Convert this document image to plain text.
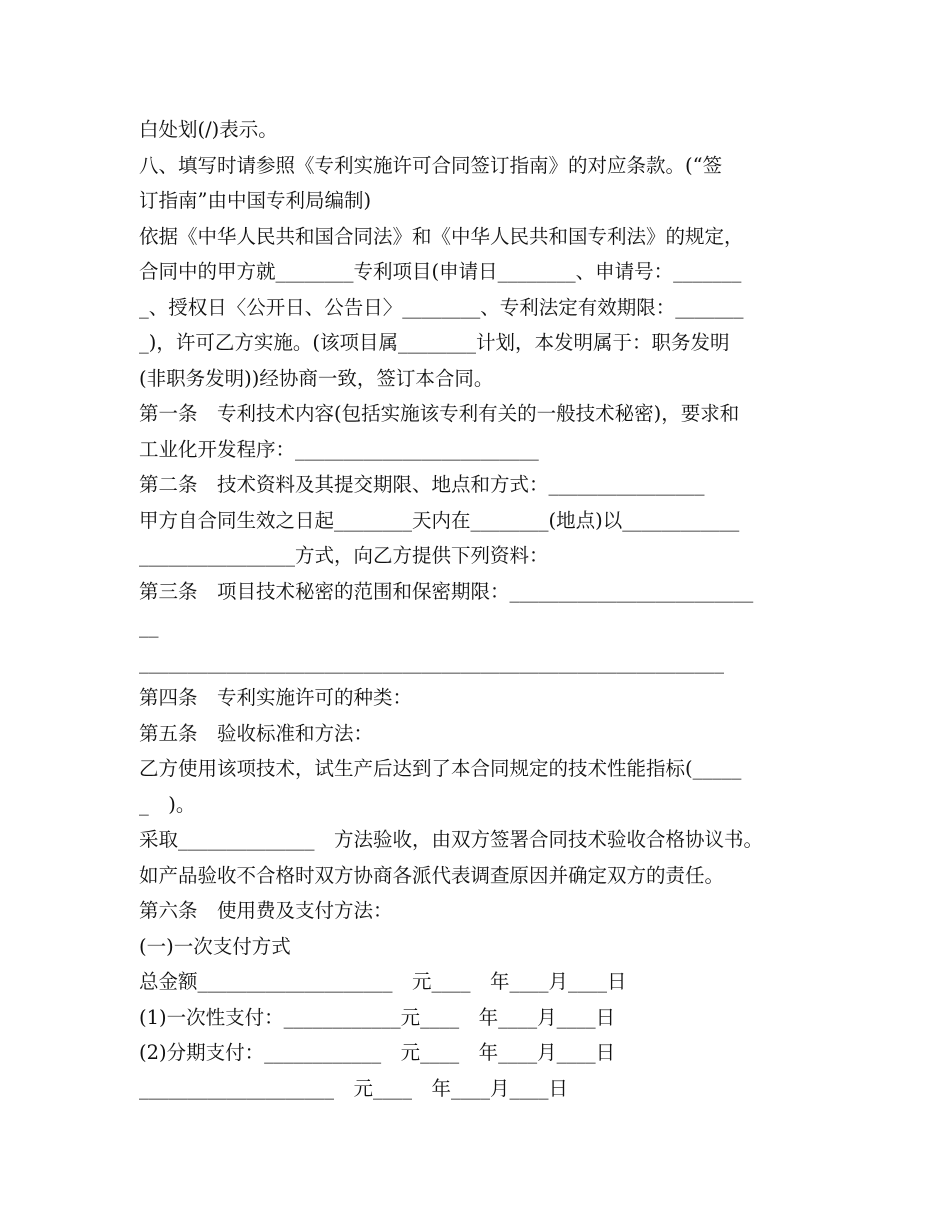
白处划(/)表示。
八、填写时请参照《专利实施许可合同签订指南》的对应条款。(“签
订指南”由中国专利局编制)
依据《中华人民共和国合同法》和《中华人民共和国专利法》的规定，
合同中的甲方就________专利项目(申请日________、申请号：_______
_、授权日〈公开日、公告日〉________、专利法定有效期限：_______
_)，许可乙方实施。(该项目属________计划，本发明属于：职务发明
(非职务发明))经协商一致，签订本合同。
第一条　专利技术内容(包括实施该专利有关的一般技术秘密)，要求和
工业化开发程序：_________________________
第二条　技术资料及其提交期限、地点和方式：________________
甲方自合同生效之日起________天内在________(地点)以____________
________________方式，向乙方提供下列资料：
第三条　项目技术秘密的范围和保密期限：_________________________
__
____________________________________________________________
第四条　专利实施许可的种类：
第五条　验收标准和方法：
乙方使用该项技术，试生产后达到了本合同规定的技术性能指标(_____
_　)。
采取______________　方法验收，由双方签署合同技术验收合格协议书。
如产品验收不合格时双方协商各派代表调查原因并确定双方的责任。
第六条　使用费及支付方法：
(一)一次支付方式
总金额____________________　元____　年____月____日
(1)一次性支付：____________元____　年____月____日
(2)分期支付：____________　元____　年____月____日
____________________　元____　年____月____日
